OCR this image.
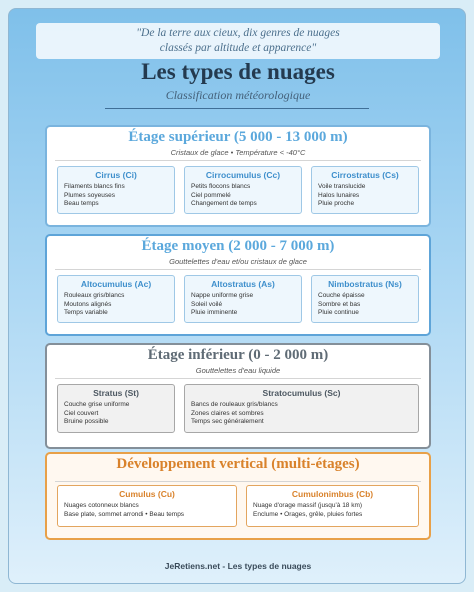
"De la terre aux cieux, dix genres de nuages
classés par altitude et apparence"
Les types de nuages
Classification météorologique
Étage supérieur (5 000 - 13 000 m)
Cristaux de glace • Température < -40°C
Cirrus (Ci)
Filaments blancs fins
Plumes soyeuses
Beau temps
Cirrocumulus (Cc)
Petits flocons blancs
Ciel pommelé
Changement de temps
Cirrostratus (Cs)
Voile translucide
Halos lunaires
Pluie proche
Étage moyen (2 000 - 7 000 m)
Gouttelettes d'eau et/ou cristaux de glace
Altocumulus (Ac)
Rouleaux gris/blancs
Moutons alignés
Temps variable
Altostratus (As)
Nappe uniforme grise
Soleil voilé
Pluie imminente
Nimbostratus (Ns)
Couche épaisse
Sombre et bas
Pluie continue
Étage inférieur (0 - 2 000 m)
Gouttelettes d'eau liquide
Stratus (St)
Couche grise uniforme
Ciel couvert
Bruine possible
Stratocumulus (Sc)
Bancs de rouleaux gris/blancs
Zones claires et sombres
Temps sec généralement
Développement vertical (multi-étages)
Cumulus (Cu)
Nuages cotonneux blancs
Base plate, sommet arrondi • Beau temps
Cumulonimbus (Cb)
Nuage d'orage massif (jusqu'à 18 km)
Enclume • Orages, grêle, pluies fortes
JeRetiens.net - Les types de nuages
